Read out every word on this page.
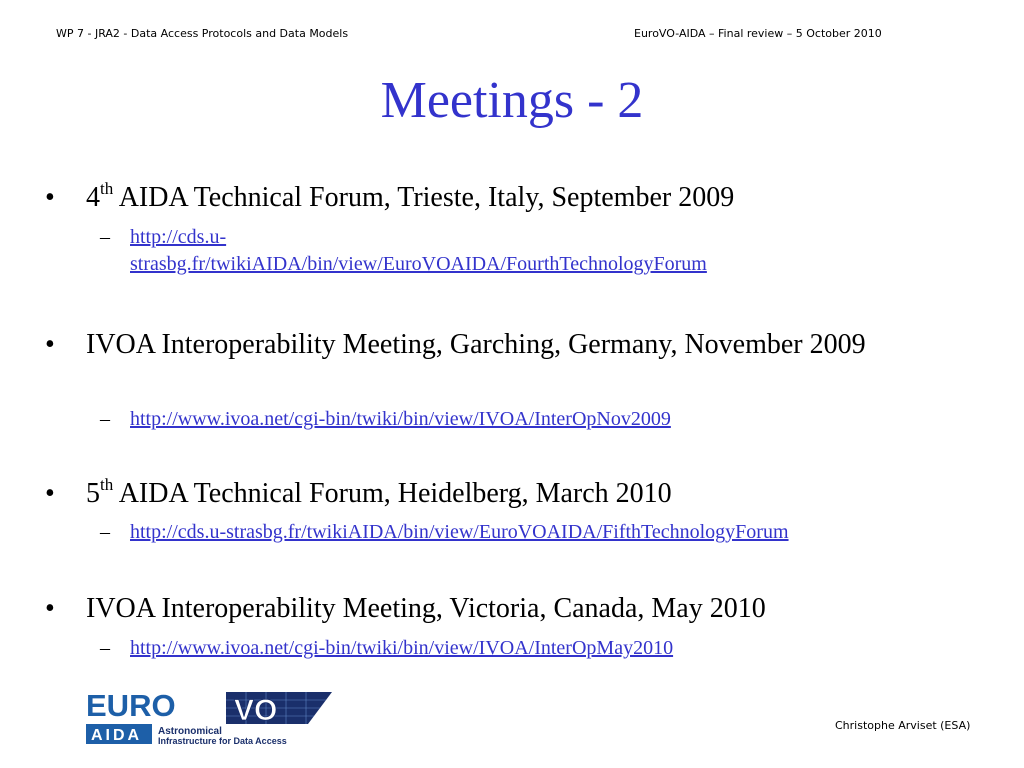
WP 7 - JRA2 - Data Access Protocols and Data Models	EuroVO-AIDA – Final review – 5 October 2010
Meetings - 2
• 4th AIDA Technical Forum, Trieste, Italy, September 2009
– http://cds.u-
strasbg.fr/twikiAIDA/bin/view/EuroVOAIDA/FourthTechnologyForum
• IVOA Interoperability Meeting, Garching, Germany, November 2009
– http://www.ivoa.net/cgi-bin/twiki/bin/view/IVOA/InterOpNov2009
• 5th AIDA Technical Forum, Heidelberg, March 2010
– http://cds.u-strasbg.fr/twikiAIDA/bin/view/EuroVOAIDA/FifthTechnologyForum
• IVOA Interoperability Meeting, Victoria, Canada, May 2010
– http://www.ivoa.net/cgi-bin/twiki/bin/view/IVOA/InterOpMay2010
EURO VO
AIDA Astronomical
Infrastructure for Data Access
Christophe Arviset (ESA)
